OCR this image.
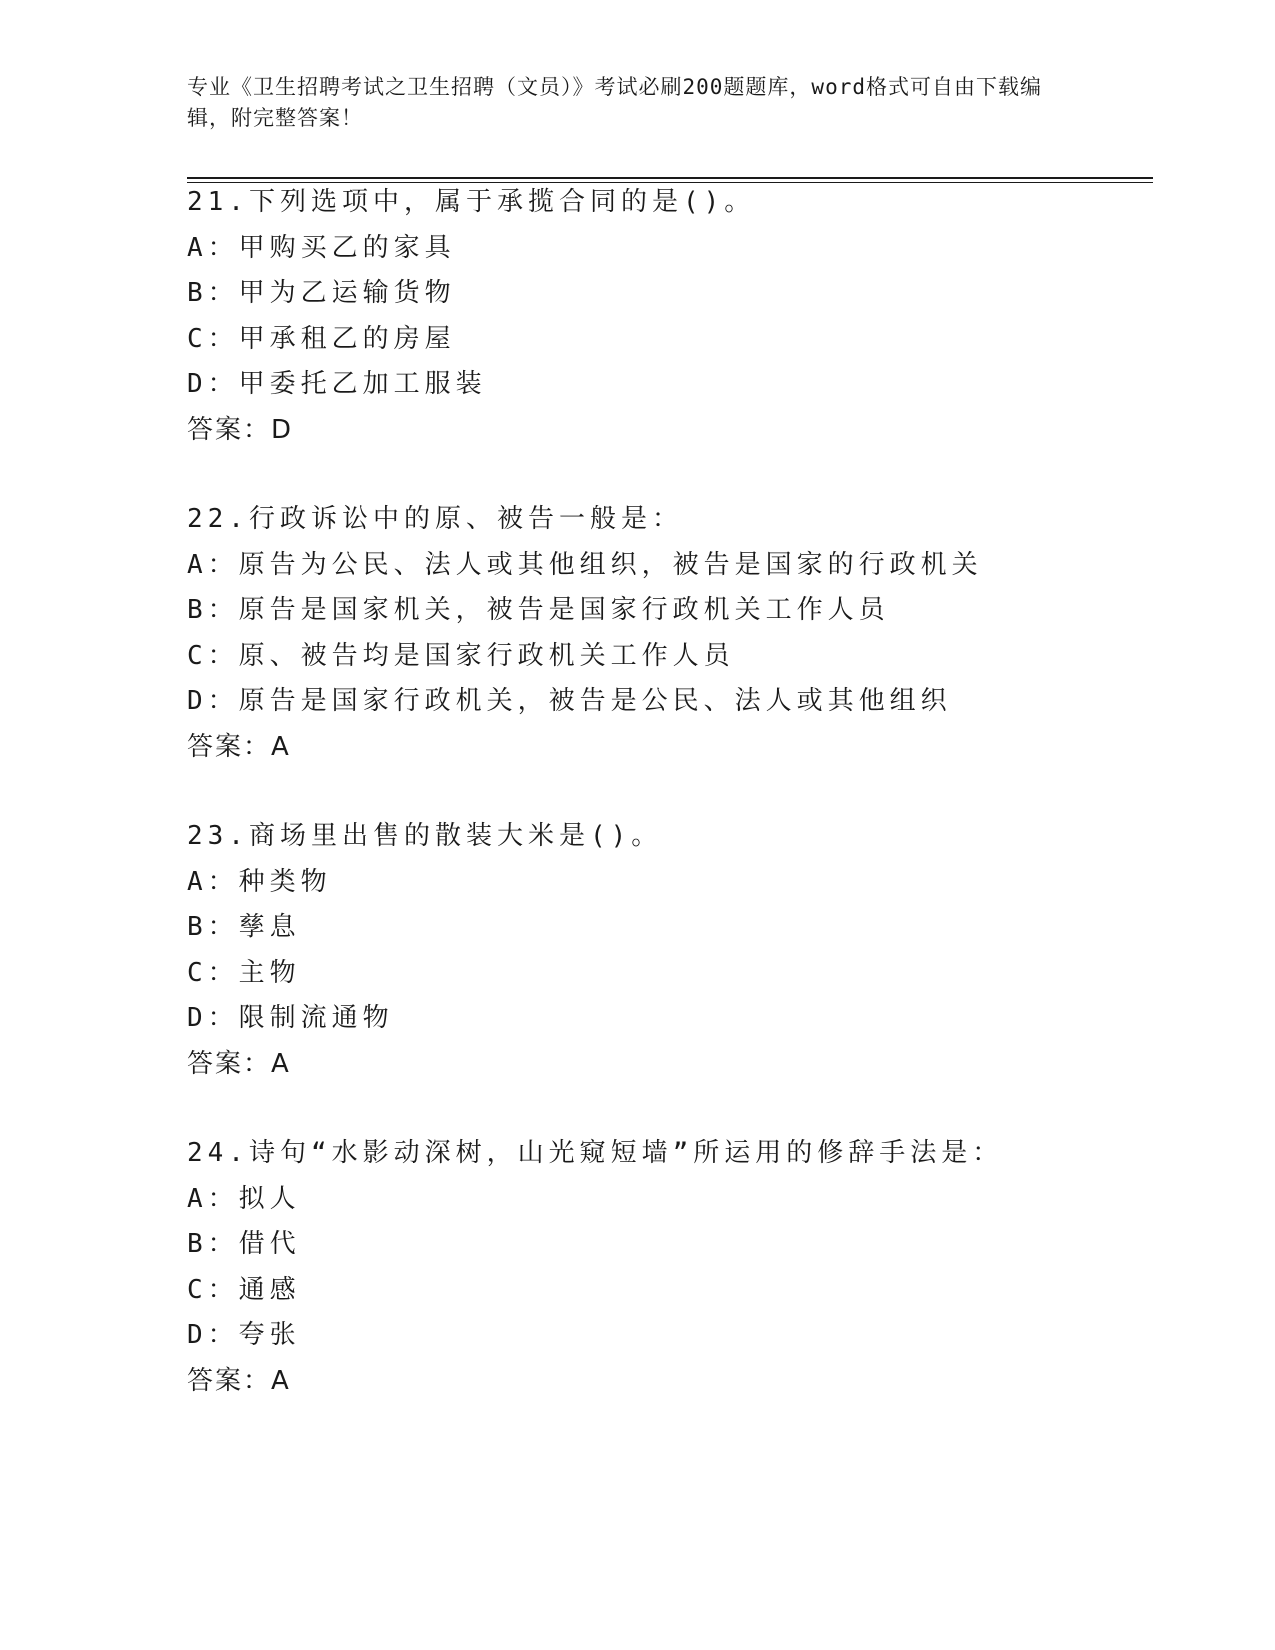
专业《卫生招聘考试之卫生招聘（文员）》考试必刷200题题库，word格式可自由下载编辑，附完整答案！
21.下列选项中，属于承揽合同的是()。
A：甲购买乙的家具
B：甲为乙运输货物
C：甲承租乙的房屋
D：甲委托乙加工服装
答案：D
22.行政诉讼中的原、被告一般是：
A：原告为公民、法人或其他组织，被告是国家的行政机关
B：原告是国家机关，被告是国家行政机关工作人员
C：原、被告均是国家行政机关工作人员
D：原告是国家行政机关，被告是公民、法人或其他组织
答案：A
23.商场里出售的散装大米是()。
A：种类物
B：孳息
C：主物
D：限制流通物
答案：A
24.诗句“水影动深树，山光窥短墙”所运用的修辞手法是：
A：拟人
B：借代
C：通感
D：夸张
答案：A
